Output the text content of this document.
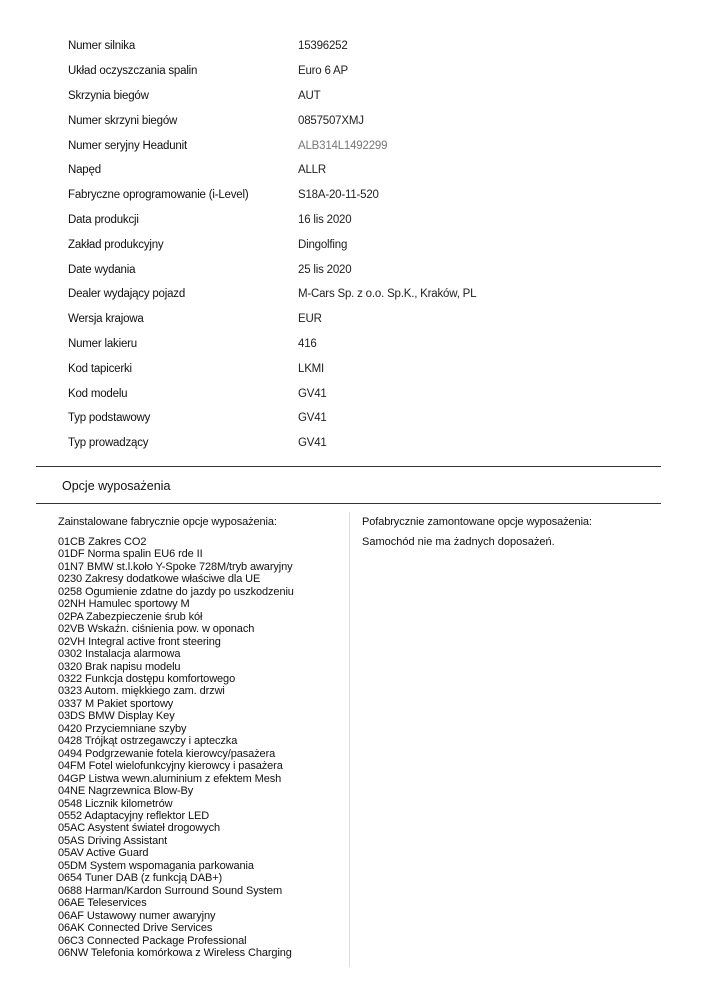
Numer silnika	15396252
Układ oczyszczania spalin	Euro 6 AP
Skrzynia biegów	AUT
Numer skrzyni biegów	0857507XMJ
Numer seryjny Headunit	ALB314L1492299
Napęd	ALLR
Fabryczne oprogramowanie (i-Level)	S18A-20-11-520
Data produkcji	16 lis 2020
Zakład produkcyjny	Dingolfing
Date wydania	25 lis 2020
Dealer wydający pojazd	M-Cars Sp. z o.o. Sp.K., Kraków, PL
Wersja krajowa	EUR
Numer lakieru	416
Kod tapicerki	LKMI
Kod modelu	GV41
Typ podstawowy	GV41
Typ prowadzący	GV41
Opcje wyposażenia
Zainstalowane fabrycznie opcje wyposażenia:
01CB Zakres CO2
01DF Norma spalin EU6 rde II
01N7 BMW st.l.koło Y-Spoke 728M/tryb awaryjny
0230 Zakresy dodatkowe właściwe dla UE
0258 Ogumienie zdatne do jazdy po uszkodzeniu
02NH Hamulec sportowy M
02PA Zabezpieczenie śrub kół
02VB Wskaźn. ciśnienia pow. w oponach
02VH Integral active front steering
0302 Instalacja alarmowa
0320 Brak napisu modelu
0322 Funkcja dostępu komfortowego
0323 Autom. miękkiego zam. drzwi
0337 M Pakiet sportowy
03DS BMW Display Key
0420 Przyciemniane szyby
0428 Trójkąt ostrzegawczy i apteczka
0494 Podgrzewanie fotela kierowcy/pasażera
04FM Fotel wielofunkcyjny kierowcy i pasażera
04GP Listwa wewn.aluminium z efektem Mesh
04NE Nagrzewnica Blow-By
0548 Licznik kilometrów
0552 Adaptacyjny reflektor LED
05AC Asystent świateł drogowych
05AS Driving Assistant
05AV Active Guard
05DM System wspomagania parkowania
0654 Tuner DAB (z funkcją DAB+)
0688 Harman/Kardon Surround Sound System
06AE Teleservices
06AF Ustawowy numer awaryjny
06AK Connected Drive Services
06C3 Connected Package Professional
06NW Telefonia komórkowa z Wireless Charging
Pofabrycznie zamontowane opcje wyposażenia:
Samochód nie ma żadnych doposażeń.
